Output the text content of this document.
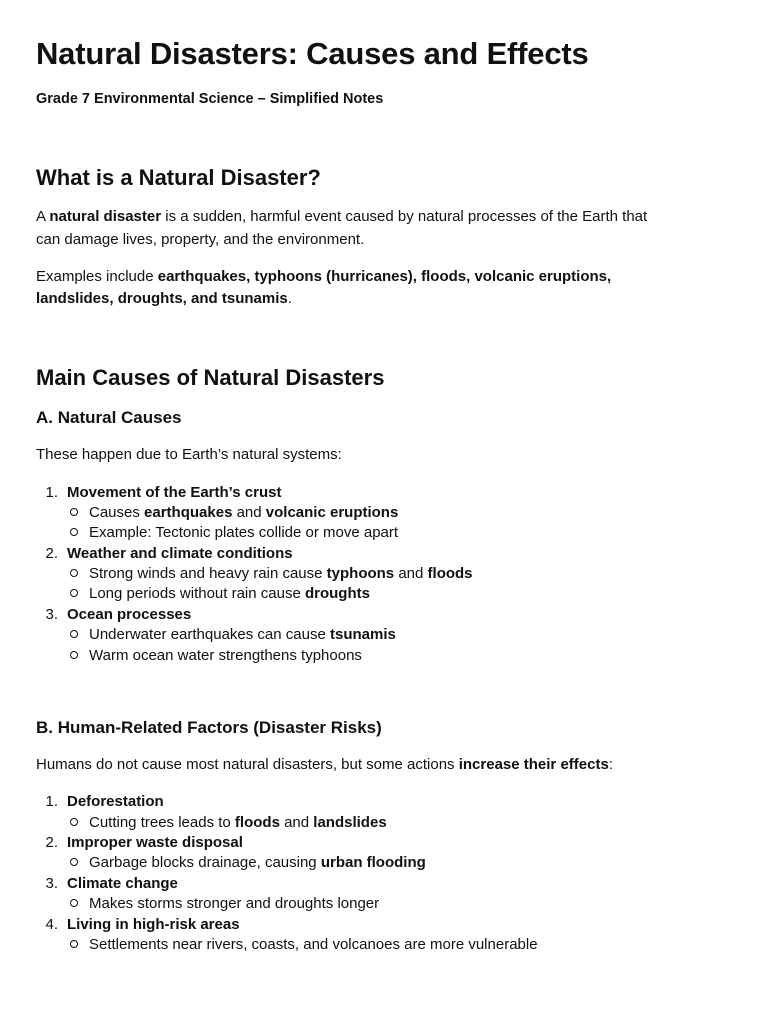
Natural Disasters: Causes and Effects
Grade 7 Environmental Science – Simplified Notes
What is a Natural Disaster?
A natural disaster is a sudden, harmful event caused by natural processes of the Earth that
can damage lives, property, and the environment.
Examples include earthquakes, typhoons (hurricanes), floods, volcanic eruptions,
landslides, droughts, and tsunamis.
Main Causes of Natural Disasters
A. Natural Causes
These happen due to Earth’s natural systems:
1. Movement of the Earth’s crust
Causes earthquakes and volcanic eruptions
Example: Tectonic plates collide or move apart
2. Weather and climate conditions
Strong winds and heavy rain cause typhoons and floods
Long periods without rain cause droughts
3. Ocean processes
Underwater earthquakes can cause tsunamis
Warm ocean water strengthens typhoons
B. Human-Related Factors (Disaster Risks)
Humans do not cause most natural disasters, but some actions increase their effects:
1. Deforestation
Cutting trees leads to floods and landslides
2. Improper waste disposal
Garbage blocks drainage, causing urban flooding
3. Climate change
Makes storms stronger and droughts longer
4. Living in high-risk areas
Settlements near rivers, coasts, and volcanoes are more vulnerable
